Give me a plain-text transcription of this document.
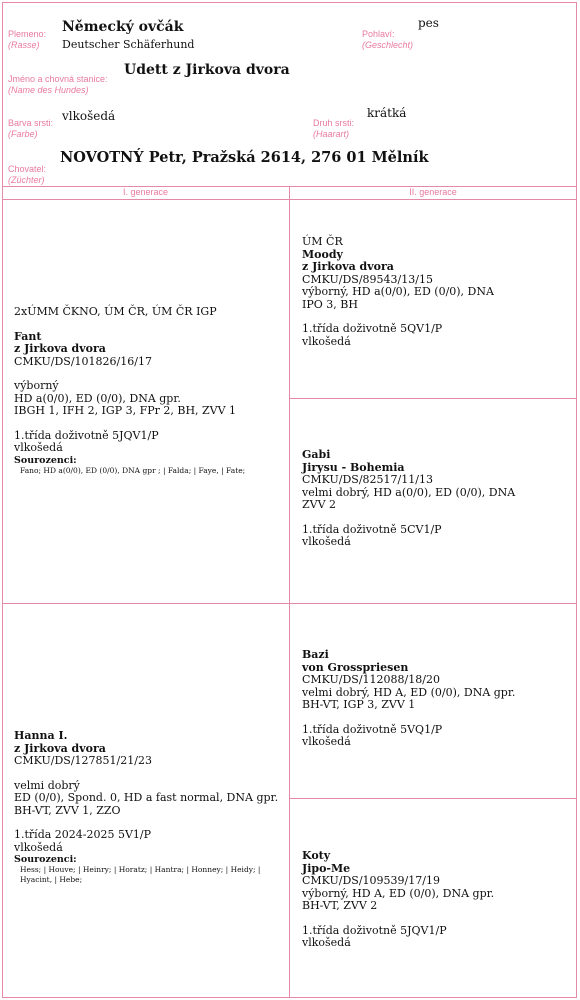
Plemeno:
(Rasse)
Německý ovčák
Deutscher Schäferhund
Pohlaví:
(Geschlecht)
pes
Jméno a chovná stanice:
(Name des Hundes)
Udett z Jirkova dvora
Barva srsti:
(Farbe)
vlkošedá	Druh srsti:
(Haarart)
krátká
Chovatel:
(Züchter)
NOVOTNÝ Petr, Pražská 2614, 276 01 Mělník
I. generace	II. generace
2xÚMM ČKNO, ÚM ČR, ÚM ČR IGP
Fant
z Jirkova dvora
CMKU/DS/101826/16/17
výborný
HD a(0/0), ED (0/0), DNA gpr.
IBGH 1, IFH 2, IGP 3, FPr 2, BH, ZVV 1
1.třída doživotně 5JQV1/P
vlkošedá
Sourozenci:
Fano; HD a(0/0), ED (0/0), DNA gpr ; | Falda; | Faye, | Fate;
ÚM ČR
Moody
z Jirkova dvora
CMKU/DS/89543/13/15
výborný, HD a(0/0), ED (0/0), DNA
IPO 3, BH
1.třída doživotně 5QV1/P
vlkošedá
Gabi
Jirysu - Bohemia
CMKU/DS/82517/11/13
velmi dobrý, HD a(0/0), ED (0/0), DNA
ZVV 2
1.třída doživotně 5CV1/P
vlkošedá
Hanna I.
z Jirkova dvora
CMKU/DS/127851/21/23
velmi dobrý
ED (0/0), Spond. 0, HD a fast normal, DNA gpr.
BH-VT, ZVV 1, ZZO
1.třída 2024-2025 5V1/P
vlkošedá
Sourozenci:
Hess; | Houve; | Heinry; | Horatz; | Hantra; | Honney; | Heidy; |
Hyacint, | Hebe;
Bazi
von Grosspriesen
CMKU/DS/112088/18/20
velmi dobrý, HD A, ED (0/0), DNA gpr.
BH-VT, IGP 3, ZVV 1
1.třída doživotně 5VQ1/P
vlkošedá
Koty
Jipo-Me
CMKU/DS/109539/17/19
výborný, HD A, ED (0/0), DNA gpr.
BH-VT, ZVV 2
1.třída doživotně 5JQV1/P
vlkošedá
